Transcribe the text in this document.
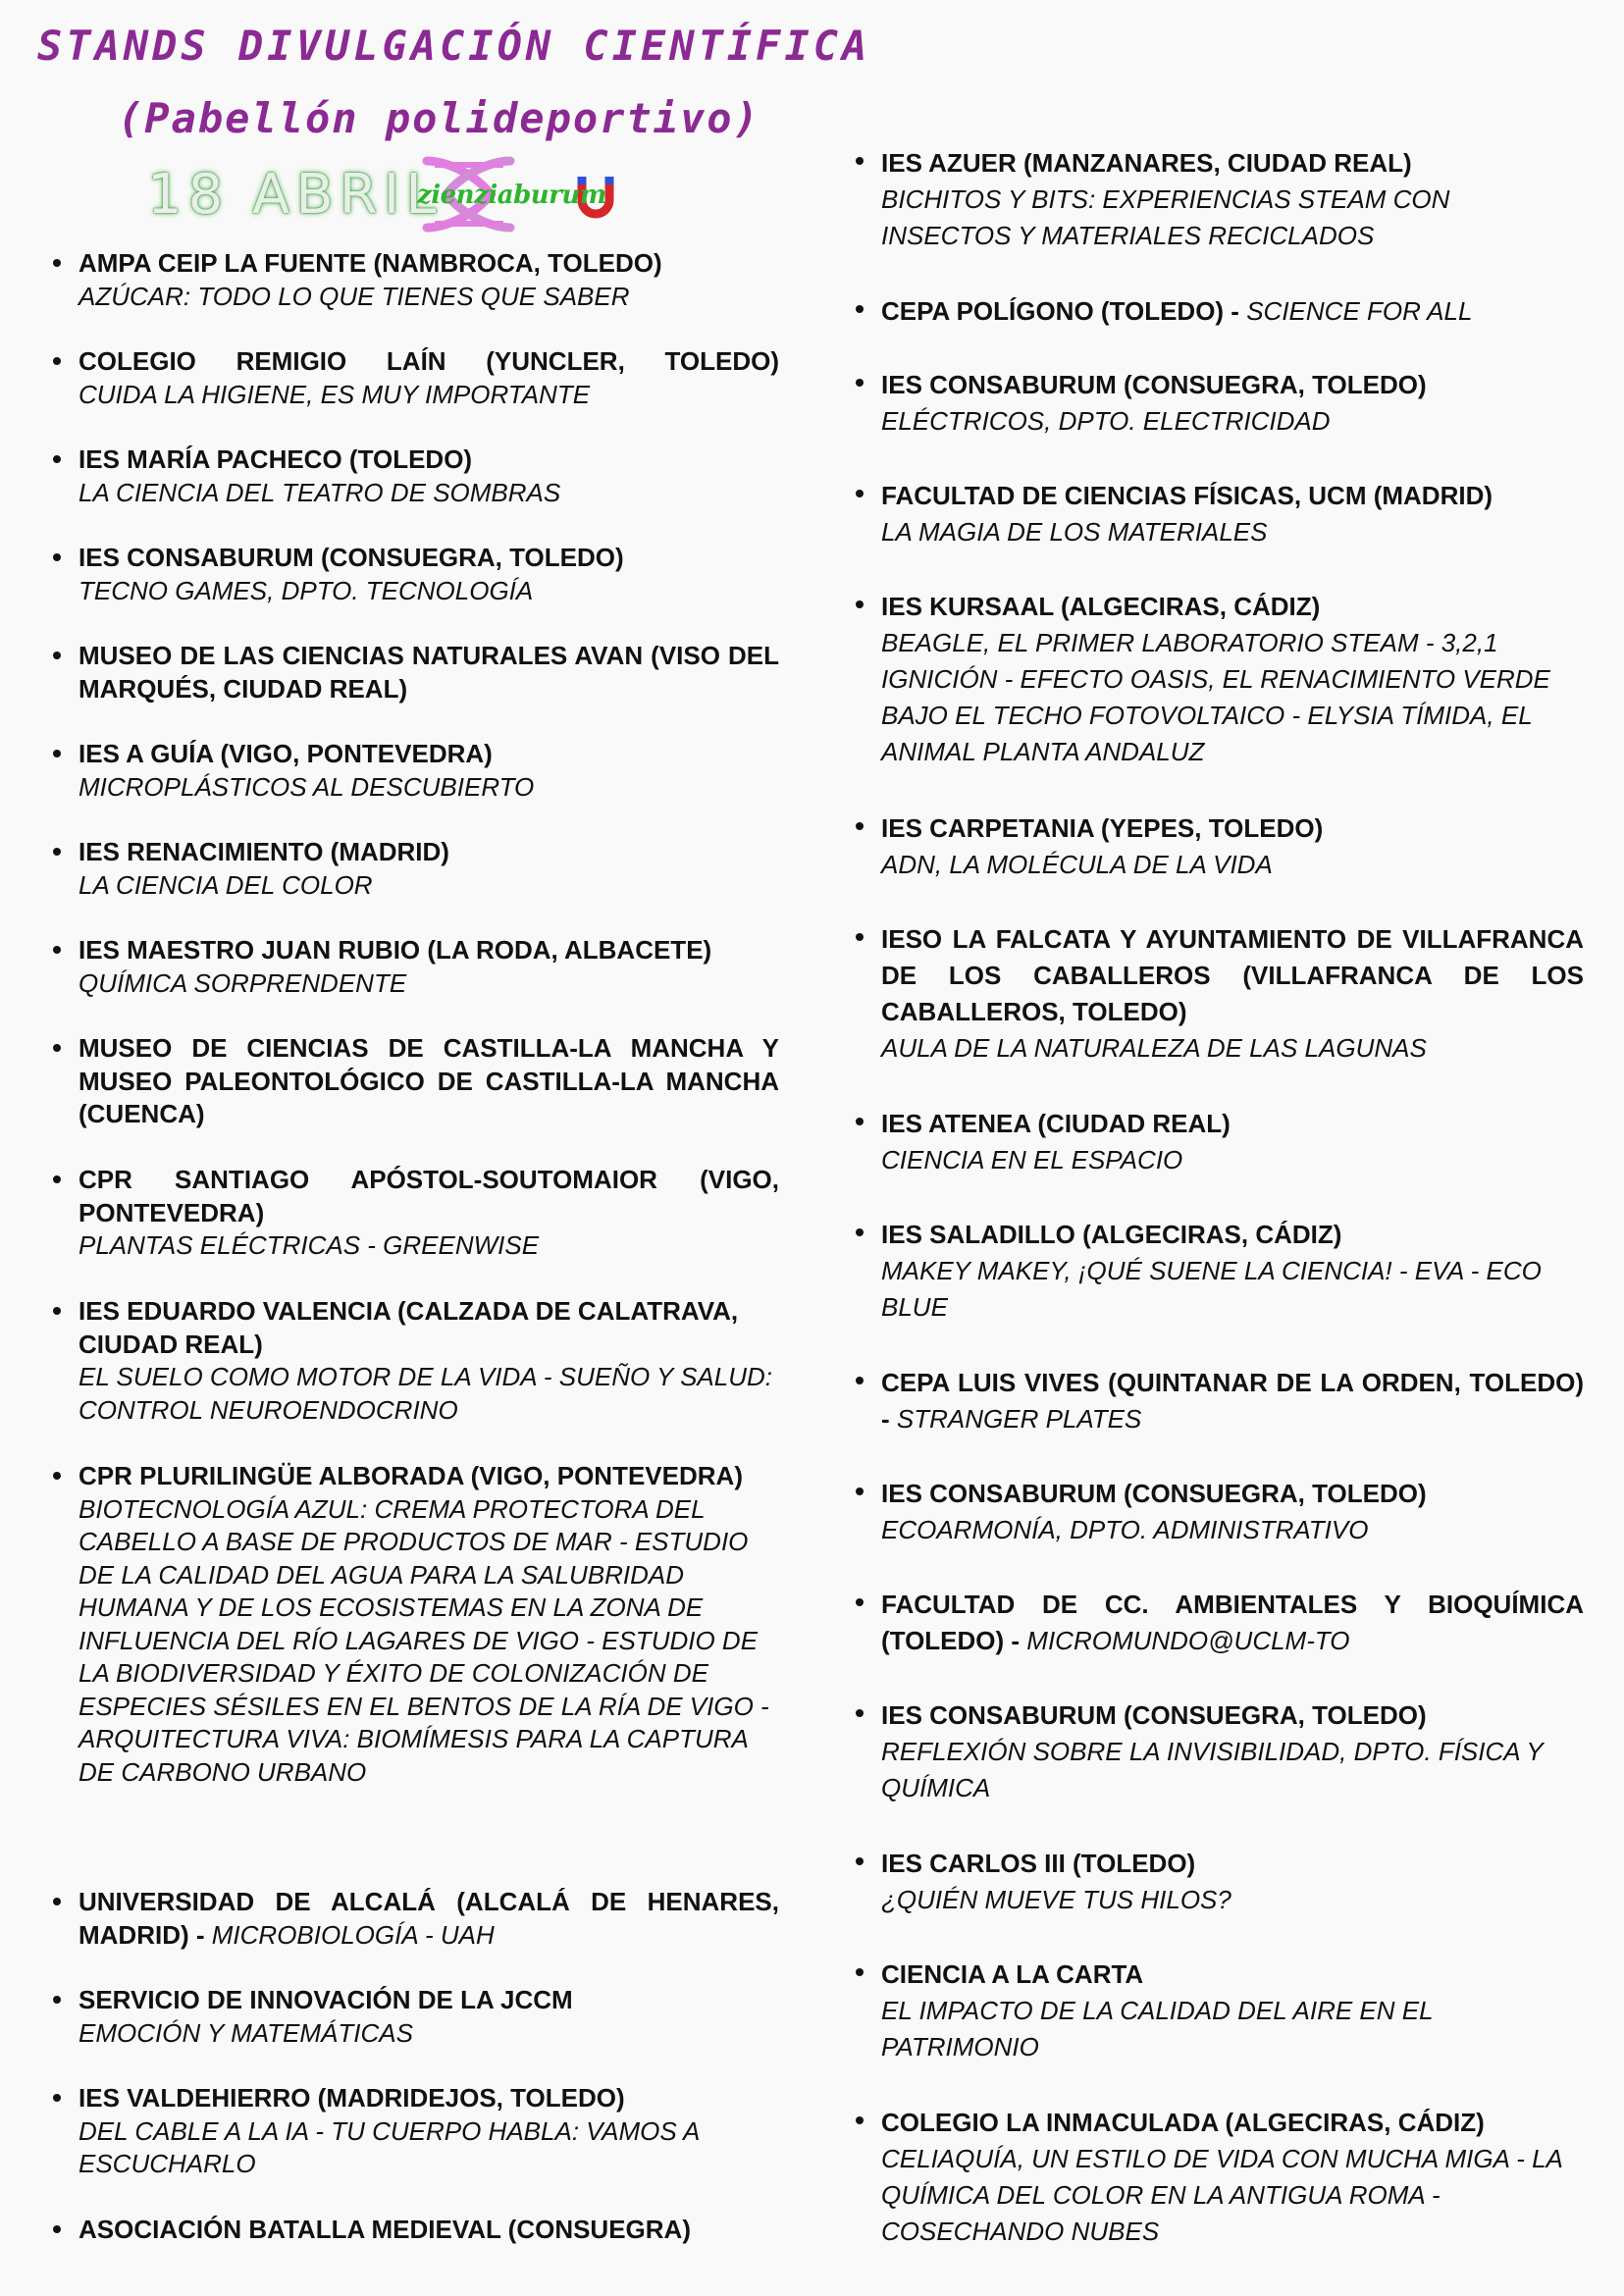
STANDS DIVULGACIÓN CIENTÍFICA
(Pabellón polideportivo)
18 ABRIL
zienziaburum
AMPA CEIP LA FUENTE (NAMBROCA, TOLEDO)
AZÚCAR: TODO LO QUE TIENES QUE SABER
COLEGIO REMIGIO LAÍN (YUNCLER, TOLEDO)
CUIDA LA HIGIENE, ES MUY IMPORTANTE
IES MARÍA PACHECO (TOLEDO)
LA CIENCIA DEL TEATRO DE SOMBRAS
IES CONSABURUM (CONSUEGRA, TOLEDO)
TECNO GAMES, DPTO. TECNOLOGÍA
MUSEO DE LAS CIENCIAS NATURALES AVAN (VISO DEL MARQUÉS, CIUDAD REAL)
IES A GUÍA (VIGO, PONTEVEDRA)
MICROPLÁSTICOS AL DESCUBIERTO
IES RENACIMIENTO (MADRID)
LA CIENCIA DEL COLOR
IES MAESTRO JUAN RUBIO (LA RODA, ALBACETE)
QUÍMICA SORPRENDENTE
MUSEO DE CIENCIAS DE CASTILLA-LA MANCHA Y MUSEO PALEONTOLÓGICO DE CASTILLA-LA MANCHA (CUENCA)
CPR SANTIAGO APÓSTOL-SOUTOMAIOR (VIGO, PONTEVEDRA)
PLANTAS ELÉCTRICAS - GREENWISE
IES EDUARDO VALENCIA (CALZADA DE CALATRAVA, CIUDAD REAL)
EL SUELO COMO MOTOR DE LA VIDA - SUEÑO Y SALUD: CONTROL NEUROENDOCRINO
CPR PLURILINGÜE ALBORADA (VIGO, PONTEVEDRA)
BIOTECNOLOGÍA AZUL: CREMA PROTECTORA DEL CABELLO A BASE DE PRODUCTOS DE MAR - ESTUDIO DE LA CALIDAD DEL AGUA PARA LA SALUBRIDAD HUMANA Y DE LOS ECOSISTEMAS EN LA ZONA DE INFLUENCIA DEL RÍO LAGARES DE VIGO - ESTUDIO DE LA BIODIVERSIDAD Y ÉXITO DE COLONIZACIÓN DE ESPECIES SÉSILES EN EL BENTOS DE LA RÍA DE VIGO - ARQUITECTURA VIVA: BIOMÍMESIS PARA LA CAPTURA DE CARBONO URBANO
UNIVERSIDAD DE ALCALÁ (ALCALÁ DE HENARES, MADRID) - MICROBIOLOGÍA - UAH
SERVICIO DE INNOVACIÓN DE LA JCCM
EMOCIÓN Y MATEMÁTICAS
IES VALDEHIERRO (MADRIDEJOS, TOLEDO)
DEL CABLE A LA IA - TU CUERPO HABLA: VAMOS A ESCUCHARLO
ASOCIACIÓN BATALLA MEDIEVAL (CONSUEGRA)
IES AZUER (MANZANARES, CIUDAD REAL)
BICHITOS Y BITS: EXPERIENCIAS STEAM CON INSECTOS Y MATERIALES RECICLADOS
CEPA POLÍGONO (TOLEDO) - SCIENCE FOR ALL
IES CONSABURUM (CONSUEGRA, TOLEDO)
ELÉCTRICOS, DPTO. ELECTRICIDAD
FACULTAD DE CIENCIAS FÍSICAS, UCM (MADRID)
LA MAGIA DE LOS MATERIALES
IES KURSAAL (ALGECIRAS, CÁDIZ)
BEAGLE, EL PRIMER LABORATORIO STEAM - 3,2,1 IGNICIÓN - EFECTO OASIS, EL RENACIMIENTO VERDE BAJO EL TECHO FOTOVOLTAICO - ELYSIA TÍMIDA, EL ANIMAL PLANTA ANDALUZ
IES CARPETANIA (YEPES, TOLEDO)
ADN, LA MOLÉCULA DE LA VIDA
IESO LA FALCATA Y AYUNTAMIENTO DE VILLAFRANCA DE LOS CABALLEROS (VILLAFRANCA DE LOS CABALLEROS, TOLEDO)
AULA DE LA NATURALEZA DE LAS LAGUNAS
IES ATENEA (CIUDAD REAL)
CIENCIA EN EL ESPACIO
IES SALADILLO (ALGECIRAS, CÁDIZ)
MAKEY MAKEY, ¡QUÉ SUENE LA CIENCIA! - EVA - ECO BLUE
CEPA LUIS VIVES (QUINTANAR DE LA ORDEN, TOLEDO) - STRANGER PLATES
IES CONSABURUM (CONSUEGRA, TOLEDO)
ECOARMONÍA, DPTO. ADMINISTRATIVO
FACULTAD DE CC. AMBIENTALES Y BIOQUÍMICA (TOLEDO) - MICROMUNDO@UCLM-TO
IES CONSABURUM (CONSUEGRA, TOLEDO)
REFLEXIÓN SOBRE LA INVISIBILIDAD, DPTO. FÍSICA Y QUÍMICA
IES CARLOS III (TOLEDO)
¿QUIÉN MUEVE TUS HILOS?
CIENCIA A LA CARTA
EL IMPACTO DE LA CALIDAD DEL AIRE EN EL PATRIMONIO
COLEGIO LA INMACULADA (ALGECIRAS, CÁDIZ)
CELIAQUÍA, UN ESTILO DE VIDA CON MUCHA MIGA - LA QUÍMICA DEL COLOR EN LA ANTIGUA ROMA - COSECHANDO NUBES
